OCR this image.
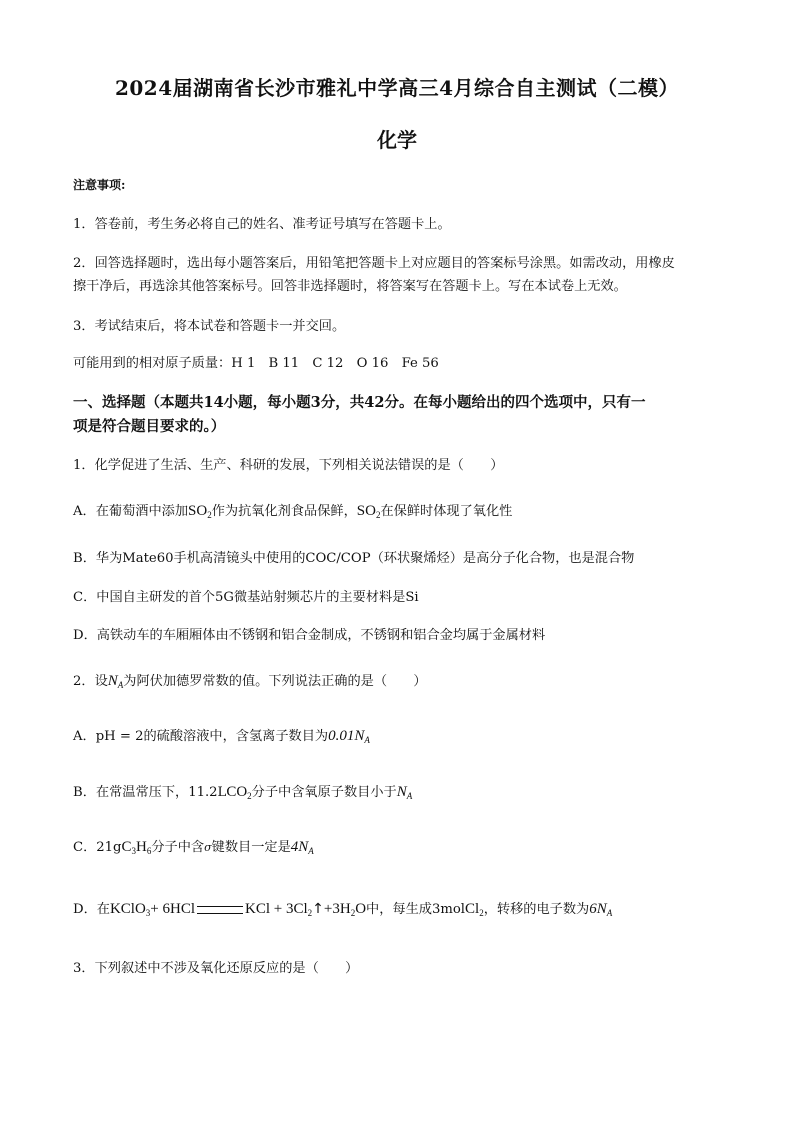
2024届湖南省长沙市雅礼中学高三4月综合自主测试（二模）
化学
注意事项:
1．答卷前，考生务必将自己的姓名、准考证号填写在答题卡上。
2．回答选择题时，选出每小题答案后，用铅笔把答题卡上对应题目的答案标号涂黑。如需改动，用橡皮
擦干净后，再选涂其他答案标号。回答非选择题时，将答案写在答题卡上。写在本试卷上无效。
3．考试结束后，将本试卷和答题卡一并交回。
可能用到的相对原子质量：H 1　B 11　C 12　O 16　Fe 56
一、选择题（本题共14小题，每小题3分，共42分。在每小题给出的四个选项中，只有一
项是符合题目要求的。）
1．化学促进了生活、生产、科研的发展，下列相关说法错误的是（　　）
A．在葡萄酒中添加$SO_2$作为抗氧化剂食品保鲜，$SO_2$在保鲜时体现了氧化性
B．华为Mate60手机高清镜头中使用的COC/COP（环状聚烯烃）是高分子化合物，也是混合物
C．中国自主研发的首个5G微基站射频芯片的主要材料是Si
D．高铁动车的车厢厢体由不锈钢和铝合金制成，不锈钢和铝合金均属于金属材料
2．设$N_A$为阿伏加德罗常数的值。下列说法正确的是（　　）
A．pH = 2的硫酸溶液中，含氢离子数目为$0.01N_A$
B．在常温常压下，$11.2LCO_2$分子中含氧原子数目小于$N_A$
C．$21gC_3H_6$分子中含σ键数目一定是$4N_A$
D．在KClO$_3$+ 6HCl	KCl + $3Cl_2↑+3H_2O$中，每生成3molCl$_2$，转移的电子数为$6N_A$
3．下列叙述中不涉及氧化还原反应的是（　　）
